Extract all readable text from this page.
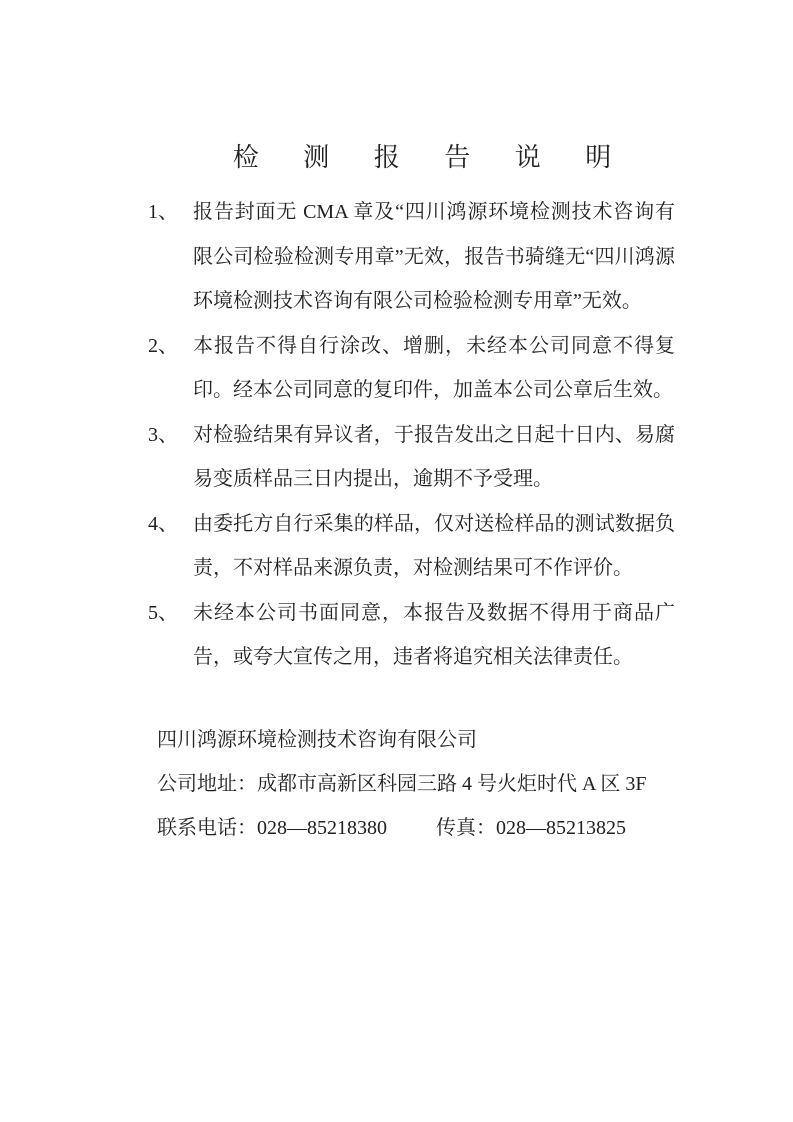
检 测 报 告 说 明
1、 报告封面无 CMA 章及“四川鸿源环境检测技术咨询有限公司检验检测专用章”无效，报告书骑缝无“四川鸿源环境检测技术咨询有限公司检验检测专用章”无效。
2、 本报告不得自行涂改、增删，未经本公司同意不得复印。经本公司同意的复印件，加盖本公司公章后生效。
3、 对检验结果有异议者，于报告发出之日起十日内、易腐易变质样品三日内提出，逾期不予受理。
4、 由委托方自行采集的样品，仅对送检样品的测试数据负责，不对样品来源负责，对检测结果可不作评价。
5、 未经本公司书面同意，本报告及数据不得用于商品广告，或夸大宣传之用，违者将追究相关法律责任。
四川鸿源环境检测技术咨询有限公司
公司地址：成都市高新区科园三路 4 号火炬时代 A 区 3F
联系电话：028—85218380 传真：028—85213825
